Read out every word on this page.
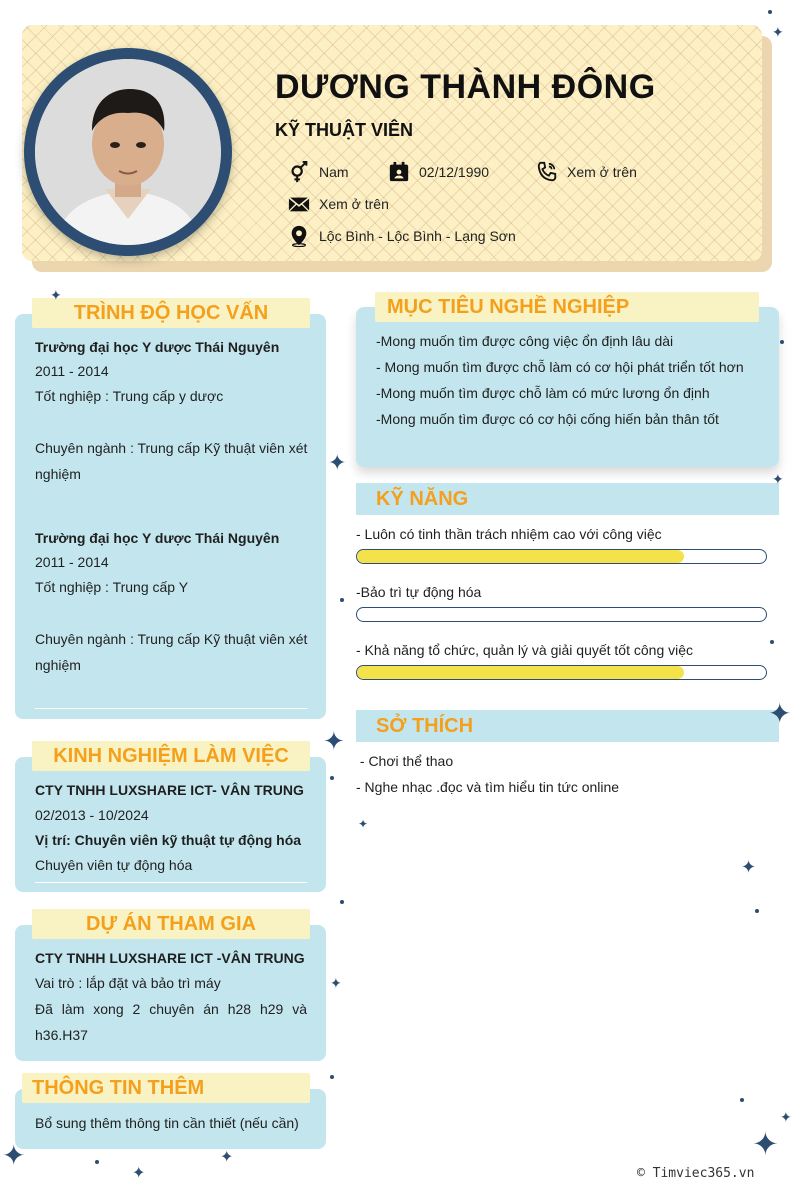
DƯƠNG THÀNH ĐÔNG
KỸ THUẬT VIÊN
Nam	02/12/1990	Xem ở trên
Xem ở trên
Lộc Bình - Lộc Bình - Lạng Sơn
TRÌNH ĐỘ HỌC VẤN
Trường đại học Y dược Thái Nguyên
2011 - 2014
Tốt nghiệp : Trung cấp y dược
Chuyên ngành : Trung cấp Kỹ thuật viên xét
nghiệm
Trường đại học Y dược Thái Nguyên
2011 - 2014
Tốt nghiệp : Trung cấp Y
Chuyên ngành : Trung cấp Kỹ thuật viên xét
nghiệm
KINH NGHIỆM LÀM VIỆC
CTY TNHH LUXSHARE ICT- VÂN TRUNG
02/2013 - 10/2024
Vị trí: Chuyên viên kỹ thuật tự động hóa
Chuyên viên tự động hóa
DỰ ÁN THAM GIA
CTY TNHH LUXSHARE ICT -VÂN TRUNG
Vai trò : lắp đặt và bảo trì máy
Đã làm xong 2 chuyên án h28 h29 và
h36.H37
THÔNG TIN THÊM
Bổ sung thêm thông tin cần thiết (nếu cần)
MỤC TIÊU NGHỀ NGHIỆP
-Mong muốn tìm được công việc ổn định lâu dài
- Mong muốn tìm được chỗ làm có cơ hội phát triển tốt hơn
-Mong muốn tìm được chỗ làm có mức lương ổn định
-Mong muốn tìm được có cơ hội cống hiến bản thân tốt
KỸ NĂNG
- Luôn có tinh thần trách nhiệm cao với công việc
-Bảo trì tự động hóa
- Khả năng tổ chức, quản lý và giải quyết tốt công việc
SỞ THÍCH
- Chơi thể thao
- Nghe nhạc .đọc và tìm hiểu tin tức online
✦
✦
✦
✦
✦
✦
✦
✦
✦
✦	✦
✦
✦
✦
© Timviec365.vn
